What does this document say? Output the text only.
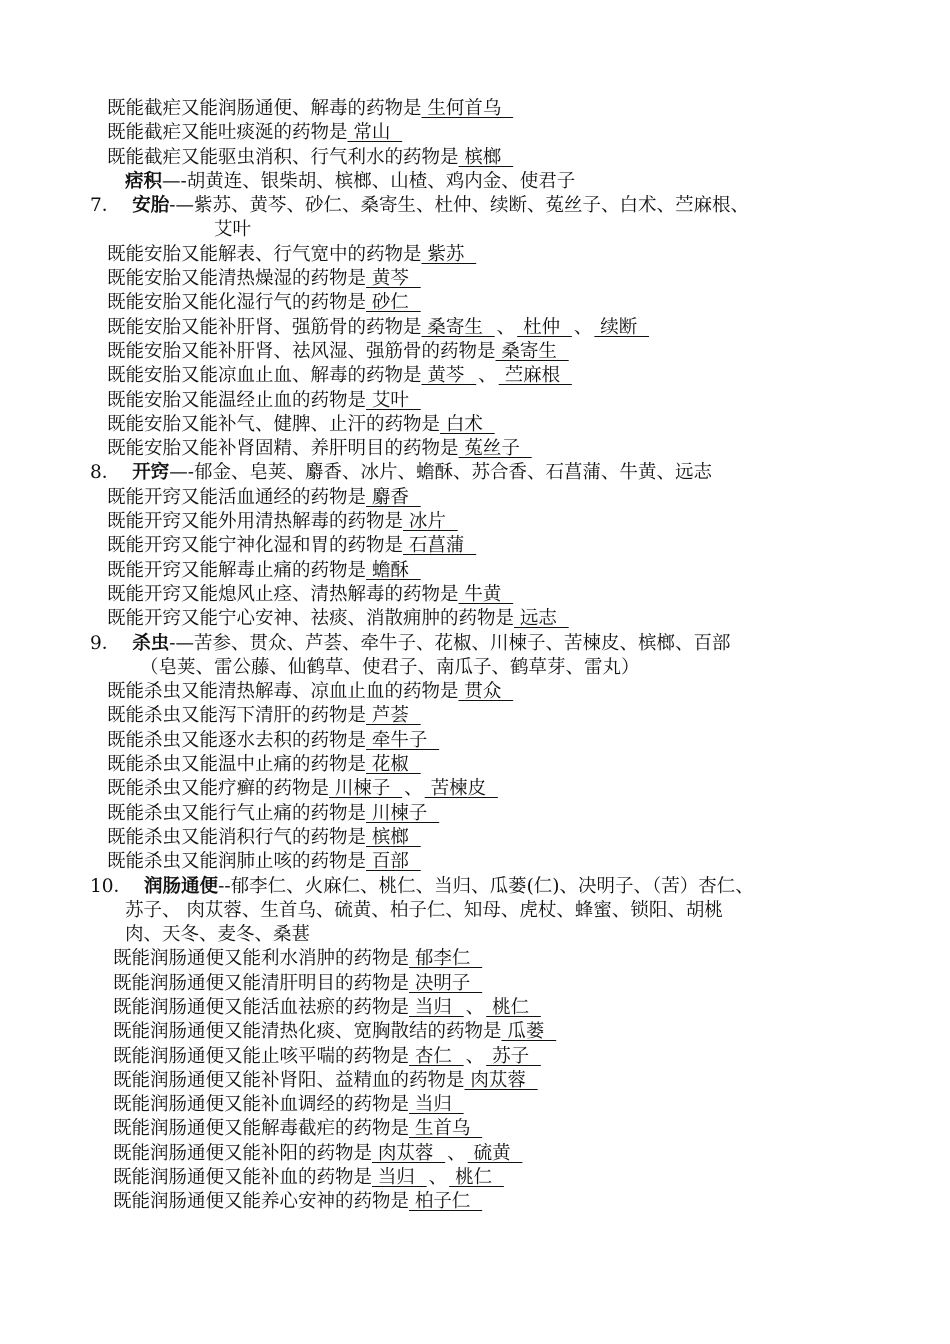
既能截疟又能润肠通便、解毒的药物是 生何首乌
既能截疟又能吐痰涎的药物是 常山
既能截疟又能驱虫消积、行气利水的药物是 槟榔
痞积—-胡黄连、银柴胡、槟榔、山楂、鸡内金、使君子
7． 安胎-—紫苏、黄芩、砂仁、桑寄生、杜仲、续断、菟丝子、白术、苎麻根、
艾叶
既能安胎又能解表、行气宽中的药物是 紫苏
既能安胎又能清热燥湿的药物是 黄芩
既能安胎又能化湿行气的药物是 砂仁
既能安胎又能补肝肾、强筋骨的药物是 桑寄生  、 杜仲  、 续断
既能安胎又能补肝肾、祛风湿、强筋骨的药物是 桑寄生
既能安胎又能凉血止血、解毒的药物是 黄芩  、 苎麻根
既能安胎又能温经止血的药物是 艾叶
既能安胎又能补气、健脾、止汗的药物是 白术
既能安胎又能补肾固精、养肝明目的药物是 菟丝子
8． 开窍—-郁金、皂荚、麝香、冰片、蟾酥、苏合香、石菖蒲、牛黄、远志
既能开窍又能活血通经的药物是 麝香
既能开窍又能外用清热解毒的药物是 冰片
既能开窍又能宁神化湿和胃的药物是 石菖蒲
既能开窍又能解毒止痛的药物是 蟾酥
既能开窍又能熄风止痉、清热解毒的药物是 牛黄
既能开窍又能宁心安神、祛痰、消散痈肿的药物是 远志
9． 杀虫-—苦参、贯众、芦荟、牵牛子、花椒、川楝子、苦楝皮、槟榔、百部
（皂荚、雷公藤、仙鹤草、使君子、南瓜子、鹤草芽、雷丸）
既能杀虫又能清热解毒、凉血止血的药物是 贯众
既能杀虫又能泻下清肝的药物是 芦荟
既能杀虫又能逐水去积的药物是 牵牛子
既能杀虫又能温中止痛的药物是 花椒
既能杀虫又能疗癣的药物是 川楝子  、 苦楝皮
既能杀虫又能行气止痛的药物是 川楝子
既能杀虫又能消积行气的药物是 槟榔
既能杀虫又能润肺止咳的药物是 百部
10． 润肠通便--郁李仁、火麻仁、桃仁、当归、瓜蒌(仁)、决明子、（苦）杏仁、
苏子、 肉苁蓉、生首乌、硫黄、柏子仁、知母、虎杖、蜂蜜、锁阳、胡桃
肉、天冬、麦冬、桑葚
既能润肠通便又能利水消肿的药物是 郁李仁
既能润肠通便又能清肝明目的药物是 决明子
既能润肠通便又能活血祛瘀的药物是 当归  、 桃仁
既能润肠通便又能清热化痰、宽胸散结的药物是 瓜蒌
既能润肠通便又能止咳平喘的药物是 杏仁  、 苏子
既能润肠通便又能补肾阳、益精血的药物是 肉苁蓉
既能润肠通便又能补血调经的药物是 当归
既能润肠通便又能解毒截疟的药物是 生首乌
既能润肠通便又能补阳的药物是 肉苁蓉  、 硫黄
既能润肠通便又能补血的药物是 当归  、 桃仁
既能润肠通便又能养心安神的药物是 柏子仁
